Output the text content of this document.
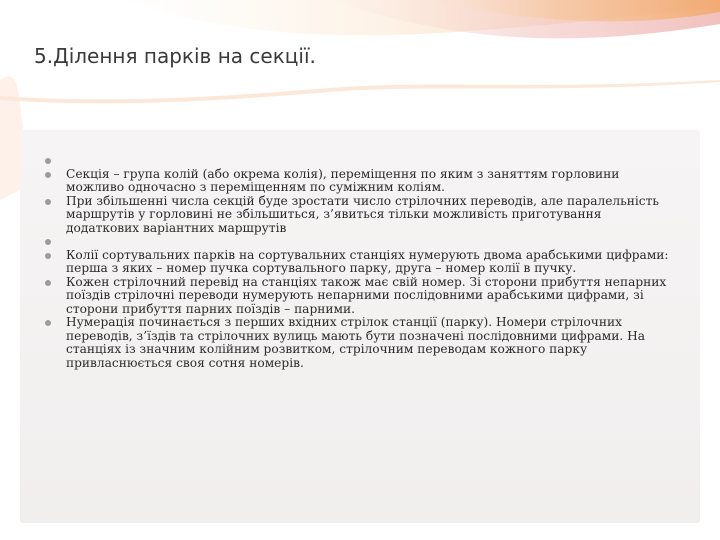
5.Ділення парків на секції.
Секція – група колій (або окрема колія), переміщення по яким з заняттям горловини можливо одночасно з переміщенням по суміжним коліям.
При збільшенні числа секцій буде зростати число стрілочних переводів, але паралельність маршрутів у горловині не збільшиться, з’явиться тільки можливість приготування додаткових варіантних маршрутів
Колії сортувальних парків на сортувальних станціях нумерують двома арабськими цифрами: перша з яких – номер пучка сортувального парку, друга – номер колії в пучку.
Кожен стрілочний перевід на станціях також має свій номер. Зі сторони прибуття непарних поїздів стрілочні переводи нумерують непарними послідовними арабськими цифрами, зі сторони прибуття парних поїздів – парними.
Нумерація починається з перших вхідних стрілок станції (парку). Номери стрілочних переводів, з’їздів та стрілочних вулиць мають бути позначені послідовними цифрами. На станціях із значним колійним розвитком, стрілочним переводам кожного парку привласнюється своя сотня номерів.
